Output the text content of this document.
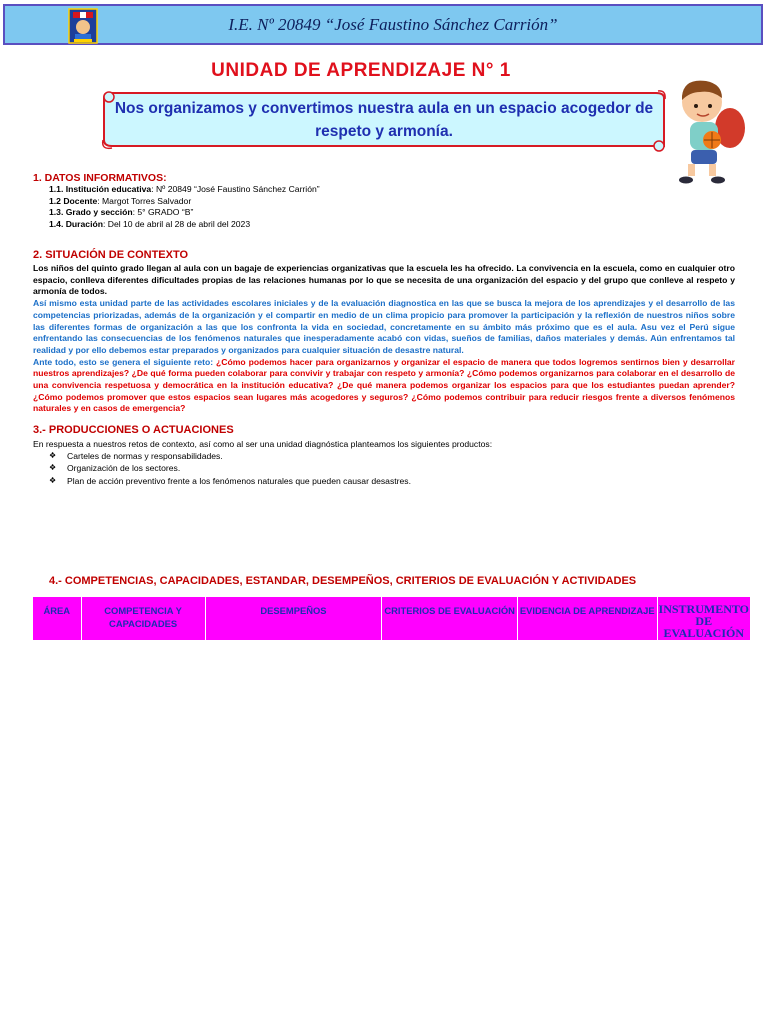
I.E. Nº 20849 “José Faustino Sánchez Carrión”
UNIDAD DE APRENDIZAJE N° 1
Nos organizamos y convertimos nuestra aula en un espacio acogedor de respeto y armonía.
1. DATOS INFORMATIVOS:
1.1. Institución educativa: Nº 20849 “José Faustino Sánchez Carrión”
1.2 Docente: Margot Torres Salvador
1.3. Grado y sección: 5° GRADO “B”
1.4. Duración: Del 10 de abril al 28 de abril del 2023
2. SITUACIÓN DE CONTEXTO
Los niños del quinto grado llegan al aula con un bagaje de experiencias organizativas que la escuela les ha ofrecido. La convivencia en la escuela, como en cualquier otro espacio, conlleva diferentes dificultades propias de las relaciones humanas por lo que se necesita de una organización del espacio y del grupo que conlleve al respeto y armonía de todos.
Así mismo esta unidad parte de las actividades escolares iniciales y de la evaluación diagnostica en las que se busca la mejora de los aprendizajes y el desarrollo de las competencias priorizadas, además de la organización y el compartir en medio de un clima propicio para promover la participación y la reflexión de nuestros niños sobre las diferentes formas de organización a las que los confronta la vida en sociedad, concretamente en su ámbito más próximo que es el aula. Asu vez el Perú sigue enfrentando las consecuencias de los fenómenos naturales que inesperadamente acabó con vidas, sueños de familias, daños materiales y demás. Aún enfrentamos tal realidad y por ello debemos estar preparados y organizados para cualquier situación de desastre natural.
Ante todo, esto se genera el siguiente reto: ¿Cómo podemos hacer para organizarnos y organizar el espacio de manera que todos logremos sentirnos bien y desarrollar nuestros aprendizajes? ¿De qué forma pueden colaborar para convivir y trabajar con respeto y armonía? ¿Cómo podemos organizarnos para colaborar en el desarrollo de una convivencia respetuosa y democrática en la institución educativa? ¿De qué manera podemos organizar los espacios para que los estudiantes puedan aprender? ¿Cómo podemos promover que estos espacios sean lugares más acogedores y seguros? ¿Cómo podemos contribuir para reducir riesgos frente a diversos fenómenos naturales y en casos de emergencia?
3.- PRODUCCIONES O ACTUACIONES
En respuesta a nuestros retos de contexto, así como al ser una unidad diagnóstica planteamos los siguientes productos:
❖	Carteles de normas y responsabilidades.
❖	Organización de los sectores.
❖	Plan de acción preventivo frente a los fenómenos naturales que pueden causar desastres.
4.- COMPETENCIAS, CAPACIDADES, ESTANDAR, DESEMPEÑOS, CRITERIOS DE EVALUACIÓN Y ACTIVIDADES
ÁREA	COMPETENCIA Y CAPACIDADES	DESEMPEÑOS	CRITERIOS DE EVALUACIÓN	EVIDENCIA DE APRENDIZAJE	INSTRUMENTO DE EVALUACIÓN
